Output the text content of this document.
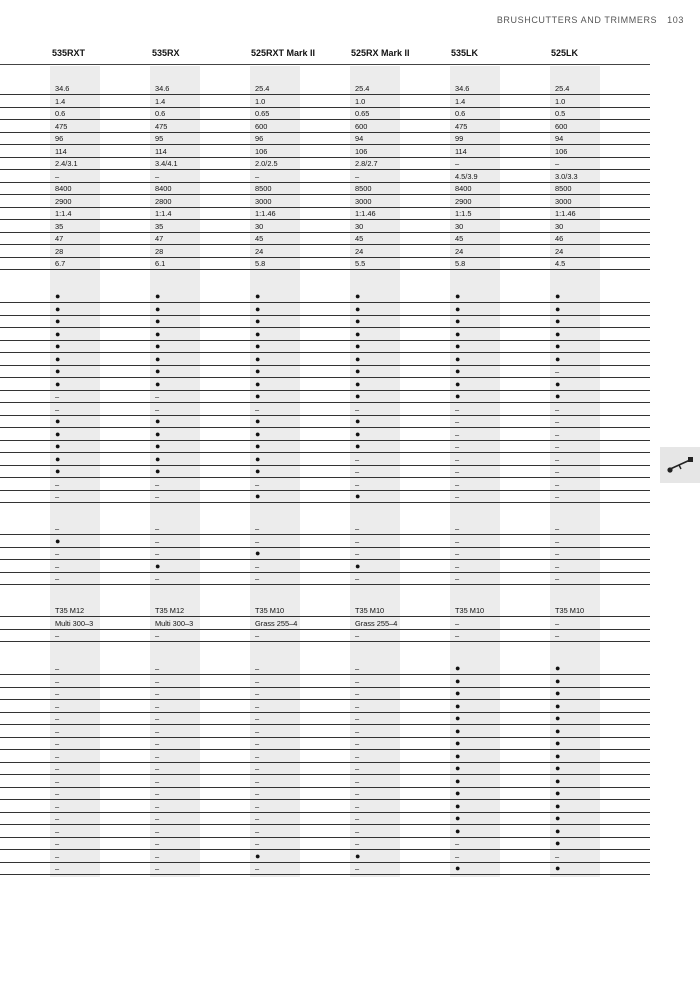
BRUSHCUTTERS AND TRIMMERS 103
535RXT	535RX	525RXT Mark II	525RX Mark II	535LK	525LK
34.6	34.6	25.4	25.4	34.6	25.4
1.4	1.4	1.0	1.0	1.4	1.0
0.6	0.6	0.65	0.65	0.6	0.5
475	475	600	600	475	600
96	95	96	94	99	94
114	114	106	106	114	106
2.4/3.1	3.4/4.1	2.0/2.5	2.8/2.7	–	–
–	–	–	–	4.5/3.9	3.0/3.3
8400	8400	8500	8500	8400	8500
2900	2800	3000	3000	2900	3000
1:1.4	1:1.4	1:1.46	1:1.46	1:1.5	1:1.46
35	35	30	30	30	30
47	47	45	45	45	46
28	28	24	24	24	24
6.7	6.1	5.8	5.5	5.8	4.5
●	●	●	●	●	●
●	●	●	●	●	●
●	●	●	●	●	●
●	●	●	●	●	●
●	●	●	●	●	●
●	●	●	●	●	●
●	●	●	●	●	–
●	●	●	●	●	●
–	–	●	●	●	●
–	–	–	–	–	–
●	●	●	●	–	–
●	●	●	●	–	–
●	●	●	●	–	–
●	●	●	–	–	–
●	●	●	–	–	–
–	–	–	–	–	–
–	–	●	●	–	–
–	–	–	–	–	–
●	–	–	–	–	–
–	–	●	–	–	–
–	●	–	●	–	–
–	–	–	–	–	–
T35 M12	T35 M12	T35 M10	T35 M10	T35 M10	T35 M10
Multi 300–3	Multi 300–3	Grass 255–4	Grass 255–4	–	–
–	–	–	–	–	–
–	–	–	–	●	●
–	–	–	–	●	●
–	–	–	–	●	●
–	–	–	–	●	●
–	–	–	–	●	●
–	–	–	–	●	●
–	–	–	–	●	●
–	–	–	–	●	●
–	–	–	–	●	●
–	–	–	–	●	●
–	–	–	–	●	●
–	–	–	–	●	●
–	–	–	–	●	●
–	–	–	–	●	●
–	–	–	–	–	●
–	–	●	●	–	–
–	–	–	–	●	●
